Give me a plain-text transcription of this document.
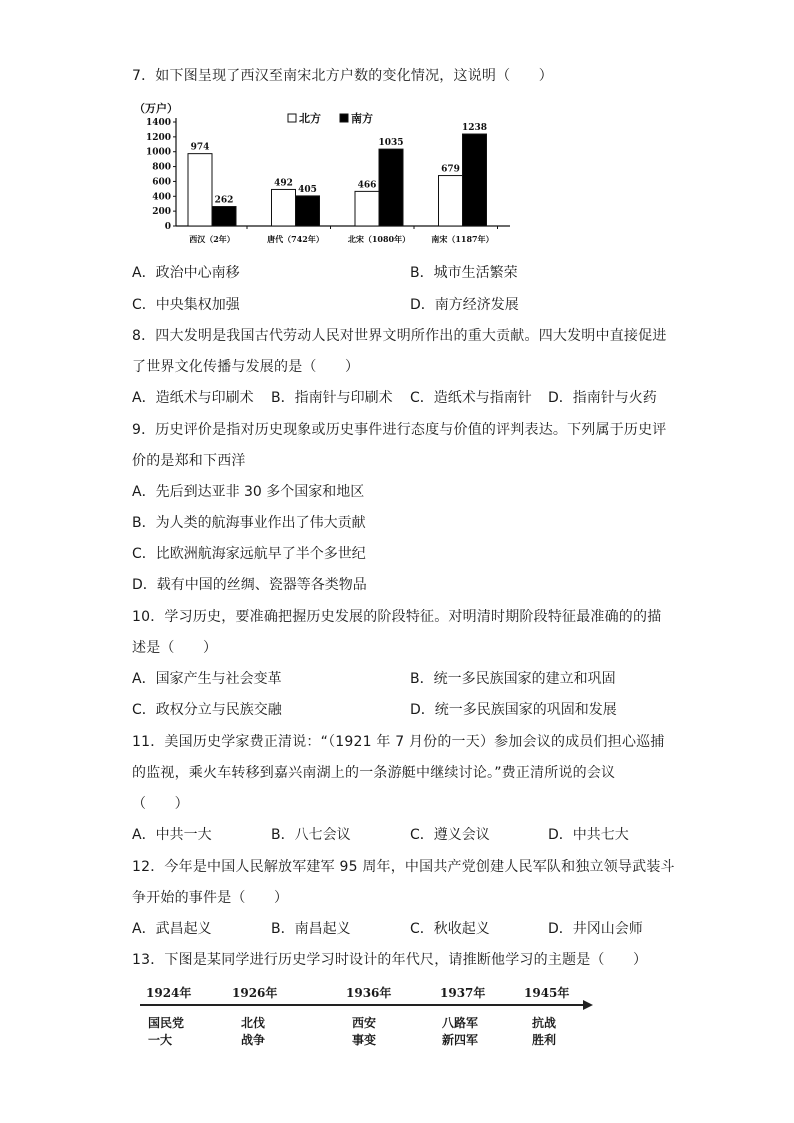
7．如下图呈现了西汉至南宋北方户数的变化情况，这说明（　　）
（万户）
0
200
400
600
800
1000
1200
1400	北方	南方
974
262
西汉（2年）
492
405
唐代（742年）
466
1035
北宋（1080年）
679
1238
南宋（1187年）
A．政治中心南移	B．城市生活繁荣
C．中央集权加强	D．南方经济发展
8．四大发明是我国古代劳动人民对世界文明所作出的重大贡献。四大发明中直接促进
了世界文化传播与发展的是（　　）
A．造纸术与印刷术 B．指南针与印刷术 C．造纸术与指南针 D．指南针与火药
9．历史评价是指对历史现象或历史事件进行态度与价值的评判表达。下列属于历史评
价的是郑和下西洋
A．先后到达亚非 30 多个国家和地区
B．为人类的航海事业作出了伟大贡献
C．比欧洲航海家远航早了半个多世纪
D．载有中国的丝绸、瓷器等各类物品
10．学习历史，要准确把握历史发展的阶段特征。对明清时期阶段特征最准确的的描
述是（　　）
A．国家产生与社会变革	B．统一多民族国家的建立和巩固
C．政权分立与民族交融	D．统一多民族国家的巩固和发展
11．美国历史学家费正清说：“（1921 年 7 月份的一天）参加会议的成员们担心巡捕
的监视，乘火车转移到嘉兴南湖上的一条游艇中继续讨论。”费正清所说的会议
（　　）
A．中共一大	B．八七会议	C．遵义会议	D．中共七大
12．今年是中国人民解放军建军 95 周年，中国共产党创建人民军队和独立领导武装斗
争开始的事件是（　　）
A．武昌起义	B．南昌起义	C．秋收起义	D．井冈山会师
13．下图是某同学进行历史学习时设计的年代尺，请推断他学习的主题是（　　）
1924年
国民党
一大
1926年
北伐
战争
1936年
西安
事变
1937年
八路军
新四军
1945年
抗战
胜利
